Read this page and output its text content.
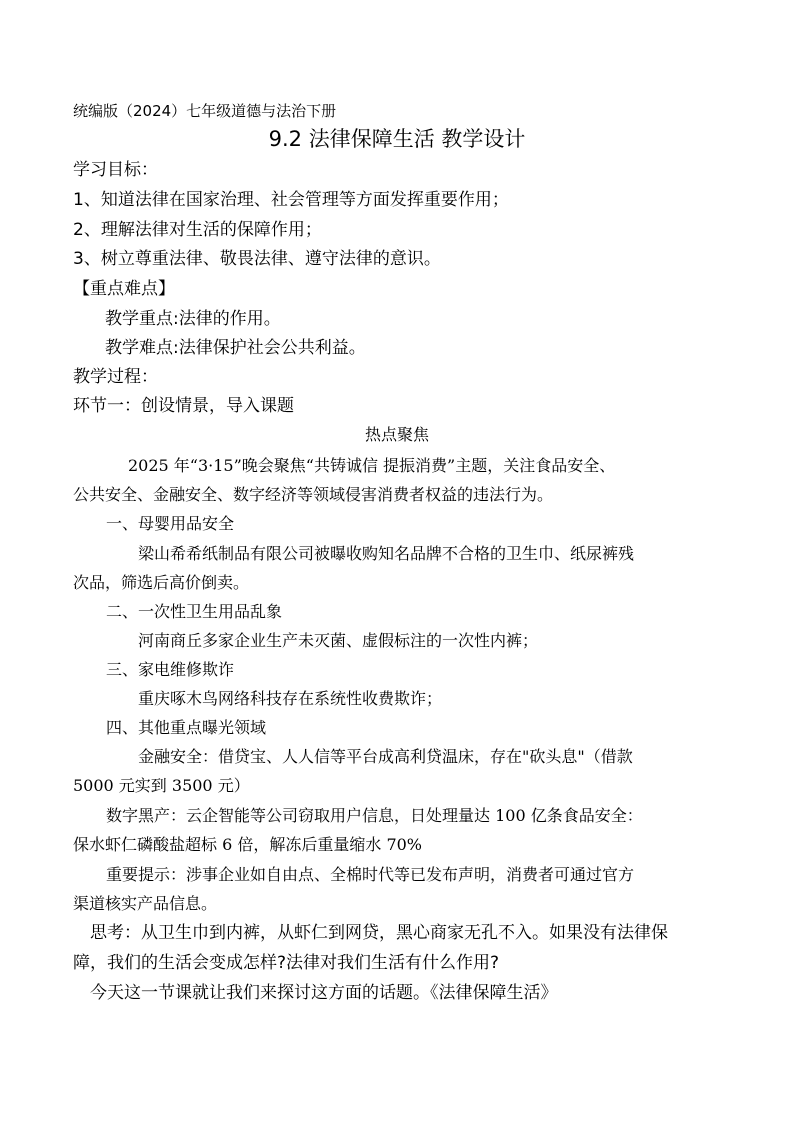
统编版（2024）七年级道德与法治下册
9.2 法律保障生活 教学设计
学习目标：
1、知道法律在国家治理、社会管理等方面发挥重要作用；
2、理解法律对生活的保障作用；
3、树立尊重法律、敬畏法律、遵守法律的意识。
【重点难点】
教学重点:法律的作用。
教学难点:法律保护社会公共利益。
教学过程：
环节一：创设情景，导入课题
热点聚焦
2025 年“3·15”晚会聚焦“共铸诚信 提振消费”主题，关注食品安全、
公共安全、金融安全、数字经济等领域侵害消费者权益的违法行为。
一、母婴用品安全
梁山希希纸制品有限公司被曝收购知名品牌不合格的卫生巾、纸尿裤残
次品，筛选后高价倒卖。
二、一次性卫生用品乱象
河南商丘多家企业生产未灭菌、虚假标注的一次性内裤；
三、家电维修欺诈
重庆啄木鸟网络科技存在系统性收费欺诈；
四、其他重点曝光领域
金融安全：借贷宝、人人信等平台成高利贷温床，存在"砍头息"（借款
5000 元实到 3500 元）
数字黑产：云企智能等公司窃取用户信息，日处理量达 100 亿条食品安全：
保水虾仁磷酸盐超标 6 倍，解冻后重量缩水 70%
重要提示：涉事企业如自由点、全棉时代等已发布声明，消费者可通过官方
渠道核实产品信息。
思考：从卫生巾到内裤，从虾仁到网贷，黑心商家无孔不入。如果没有法律保
障，我们的生活会变成怎样?法律对我们生活有什么作用?
今天这一节课就让我们来探讨这方面的话题。《法律保障生活》
